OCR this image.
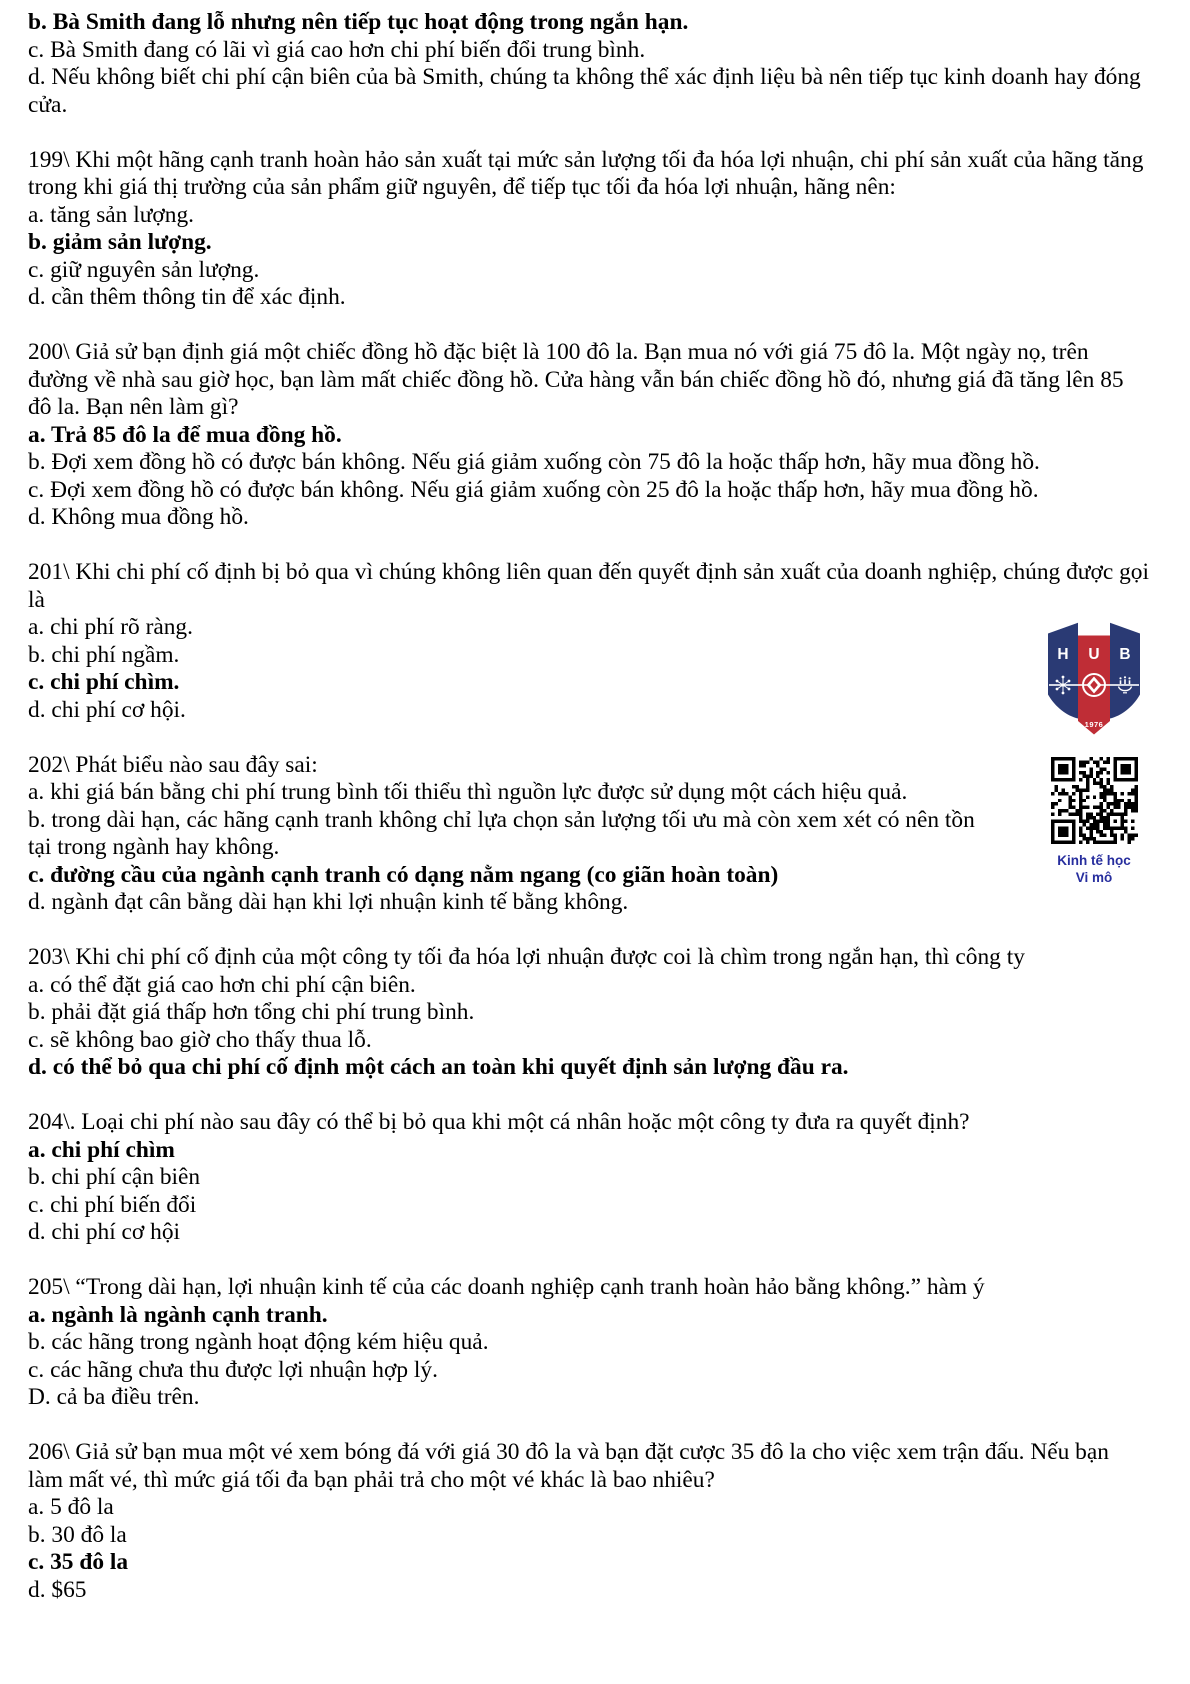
b. Bà Smith đang lỗ nhưng nên tiếp tục hoạt động trong ngắn hạn.
c. Bà Smith đang có lãi vì giá cao hơn chi phí biến đổi trung bình.
d. Nếu không biết chi phí cận biên của bà Smith, chúng ta không thể xác định liệu bà nên tiếp tục kinh doanh hay đóng
cửa.
199\ Khi một hãng cạnh tranh hoàn hảo sản xuất tại mức sản lượng tối đa hóa lợi nhuận, chi phí sản xuất của hãng tăng
trong khi giá thị trường của sản phẩm giữ nguyên, để tiếp tục tối đa hóa lợi nhuận, hãng nên:
a. tăng sản lượng.
b. giảm sản lượng.
c. giữ nguyên sản lượng.
d. cần thêm thông tin để xác định.
200\ Giả sử bạn định giá một chiếc đồng hồ đặc biệt là 100 đô la. Bạn mua nó với giá 75 đô la. Một ngày nọ, trên
đường về nhà sau giờ học, bạn làm mất chiếc đồng hồ. Cửa hàng vẫn bán chiếc đồng hồ đó, nhưng giá đã tăng lên 85
đô la. Bạn nên làm gì?
a. Trả 85 đô la để mua đồng hồ.
b. Đợi xem đồng hồ có được bán không. Nếu giá giảm xuống còn 75 đô la hoặc thấp hơn, hãy mua đồng hồ.
c. Đợi xem đồng hồ có được bán không. Nếu giá giảm xuống còn 25 đô la hoặc thấp hơn, hãy mua đồng hồ.
d. Không mua đồng hồ.
201\ Khi chi phí cố định bị bỏ qua vì chúng không liên quan đến quyết định sản xuất của doanh nghiệp, chúng được gọi
là
a. chi phí rõ ràng.
b. chi phí ngầm.
c. chi phí chìm.
d. chi phí cơ hội.
202\ Phát biểu nào sau đây sai:
a. khi giá bán bằng chi phí trung bình tối thiểu thì nguồn lực được sử dụng một cách hiệu quả.
b. trong dài hạn, các hãng cạnh tranh không chỉ lựa chọn sản lượng tối ưu mà còn xem xét có nên tồn
tại trong ngành hay không.
c. đường cầu của ngành cạnh tranh có dạng nằm ngang (co giãn hoàn toàn)
d. ngành đạt cân bằng dài hạn khi lợi nhuận kinh tế bằng không.
203\ Khi chi phí cố định của một công ty tối đa hóa lợi nhuận được coi là chìm trong ngắn hạn, thì công ty
a. có thể đặt giá cao hơn chi phí cận biên.
b. phải đặt giá thấp hơn tổng chi phí trung bình.
c. sẽ không bao giờ cho thấy thua lỗ.
d. có thể bỏ qua chi phí cố định một cách an toàn khi quyết định sản lượng đầu ra.
204\. Loại chi phí nào sau đây có thể bị bỏ qua khi một cá nhân hoặc một công ty đưa ra quyết định?
a. chi phí chìm
b. chi phí cận biên
c. chi phí biến đổi
d. chi phí cơ hội
205\ “Trong dài hạn, lợi nhuận kinh tế của các doanh nghiệp cạnh tranh hoàn hảo bằng không.” hàm ý
a. ngành là ngành cạnh tranh.
b. các hãng trong ngành hoạt động kém hiệu quả.
c. các hãng chưa thu được lợi nhuận hợp lý.
D. cả ba điều trên.
206\ Giả sử bạn mua một vé xem bóng đá với giá 30 đô la và bạn đặt cược 35 đô la cho việc xem trận đấu. Nếu bạn
làm mất vé, thì mức giá tối đa bạn phải trả cho một vé khác là bao nhiêu?
a. 5 đô la
b. 30 đô la
c. 35 đô la
d. $65
H U B
1976
Kinh tế học
Vi mô
